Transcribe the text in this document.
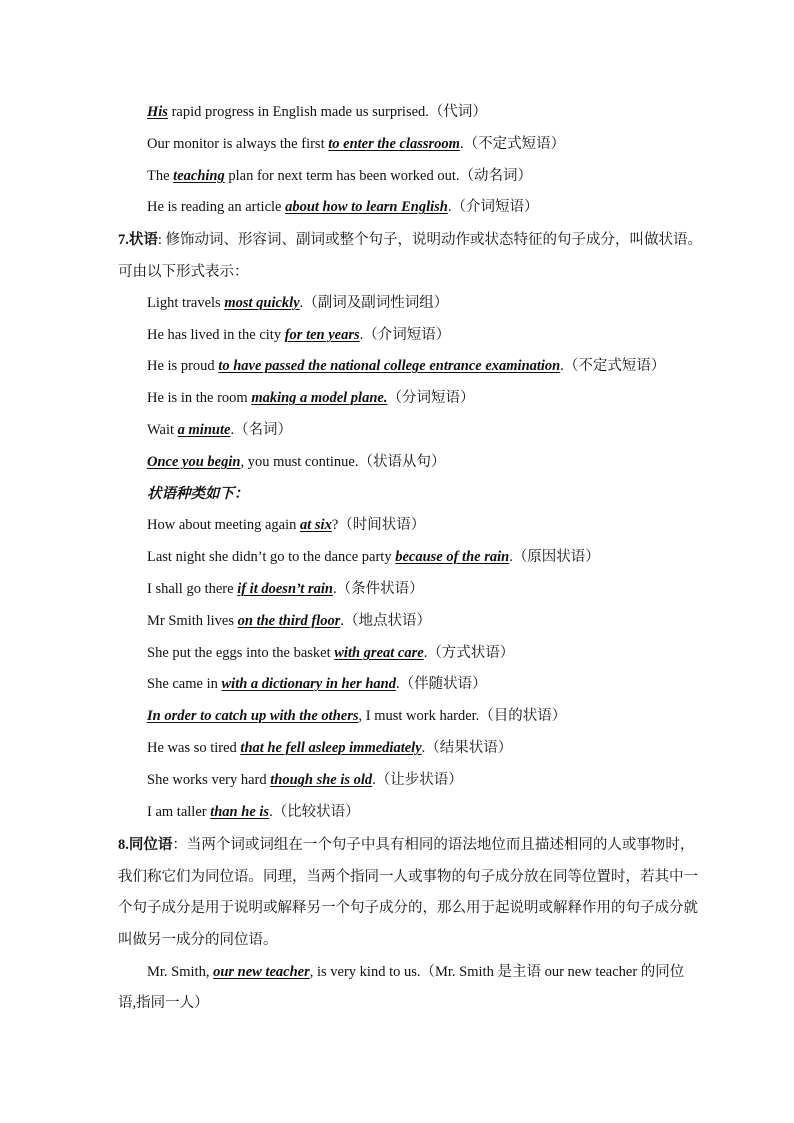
His rapid progress in English made us surprised.（代词）
Our monitor is always the first to enter the classroom.（不定式短语）
The teaching plan for next term has been worked out.（动名词）
He is reading an article about how to learn English.（介词短语）
7.状语: 修饰动词、形容词、副词或整个句子，说明动作或状态特征的句子成分，叫做状语。
可由以下形式表示：
Light travels most quickly.（副词及副词性词组）
He has lived in the city for ten years.（介词短语）
He is proud to have passed the national college entrance examination.（不定式短语）
He is in the room making a model plane.（分词短语）
Wait a minute.（名词）
Once you begin, you must continue.（状语从句）
状语种类如下：
How about meeting again at six?（时间状语）
Last night she didn’t go to the dance party because of the rain.（原因状语）
I shall go there if it doesn’t rain.（条件状语）
Mr Smith lives on the third floor.（地点状语）
She put the eggs into the basket with great care.（方式状语）
She came in with a dictionary in her hand.（伴随状语）
In order to catch up with the others, I must work harder.（目的状语）
He was so tired that he fell asleep immediately.（结果状语）
She works very hard though she is old.（让步状语）
I am taller than he is.（比较状语）
8.同位语：当两个词或词组在一个句子中具有相同的语法地位而且描述相同的人或事物时，
我们称它们为同位语。同理，当两个指同一人或事物的句子成分放在同等位置时，若其中一
个句子成分是用于说明或解释另一个句子成分的，那么用于起说明或解释作用的句子成分就
叫做另一成分的同位语。
Mr. Smith, our new teacher, is very kind to us.（Mr. Smith 是主语 our new teacher 的同位
语,指同一人）
